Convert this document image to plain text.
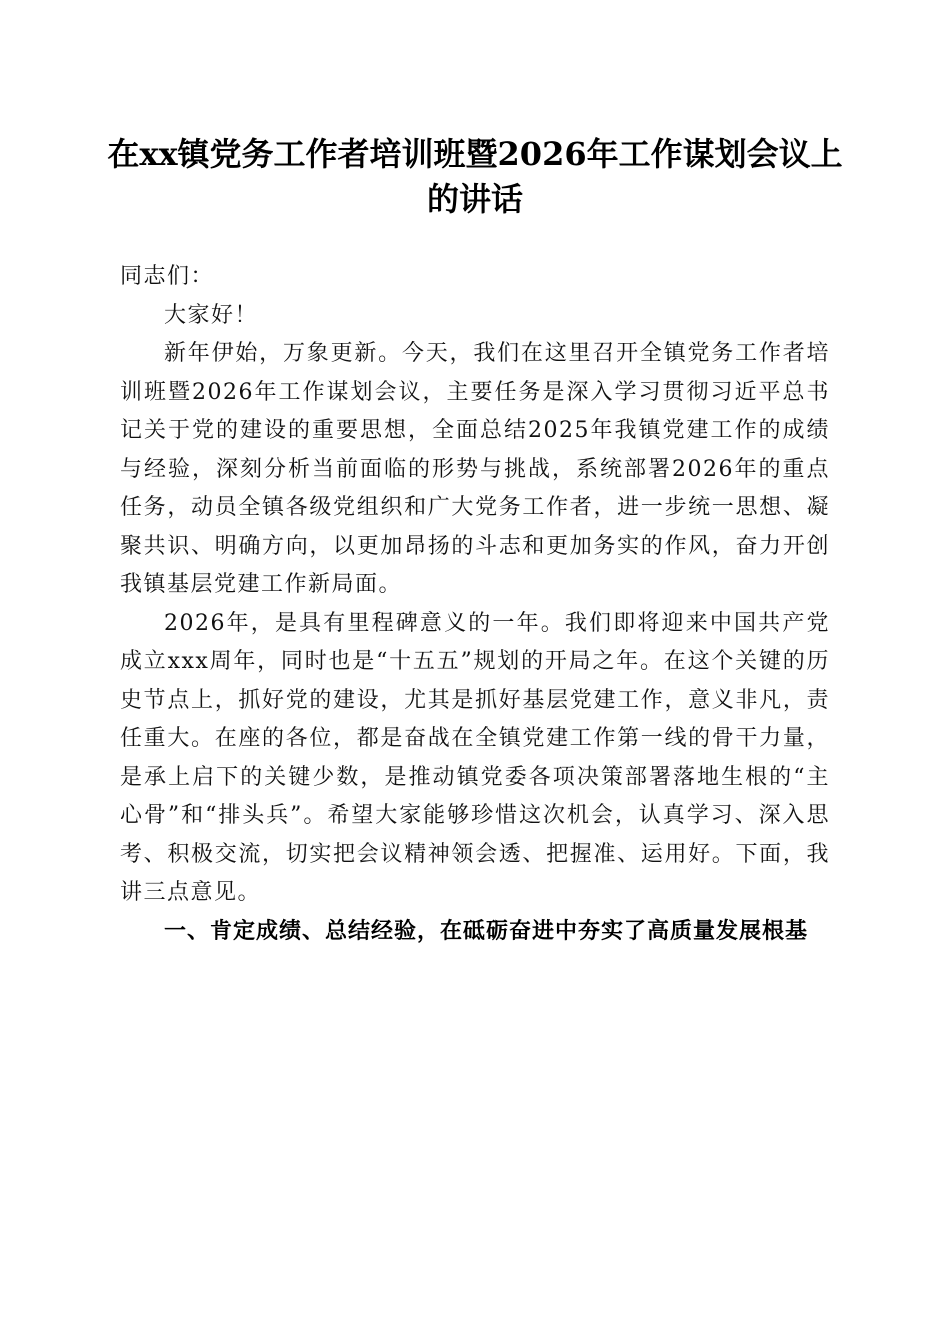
在xx镇党务工作者培训班暨2026年工作谋划会议上的讲话

同志们：

大家好！

新年伊始，万象更新。今天，我们在这里召开全镇党务工作者培训班暨2026年工作谋划会议，主要任务是深入学习贯彻习近平总书记关于党的建设的重要思想，全面总结2025年我镇党建工作的成绩与经验，深刻分析当前面临的形势与挑战，系统部署2026年的重点任务，动员全镇各级党组织和广大党务工作者，进一步统一思想、凝聚共识、明确方向，以更加昂扬的斗志和更加务实的作风，奋力开创我镇基层党建工作新局面。

2026年，是具有里程碑意义的一年。我们即将迎来中国共产党成立xxx周年，同时也是“十五五”规划的开局之年。在这个关键的历史节点上，抓好党的建设，尤其是抓好基层党建工作，意义非凡，责任重大。在座的各位，都是奋战在全镇党建工作第一线的骨干力量，是承上启下的关键少数，是推动镇党委各项决策部署落地生根的“主心骨”和“排头兵”。希望大家能够珍惜这次机会，认真学习、深入思考、积极交流，切实把会议精神领会透、把握准、运用好。下面，我讲三点意见。

一、肯定成绩、总结经验，在砥砺奋进中夯实了高质量发展根基
